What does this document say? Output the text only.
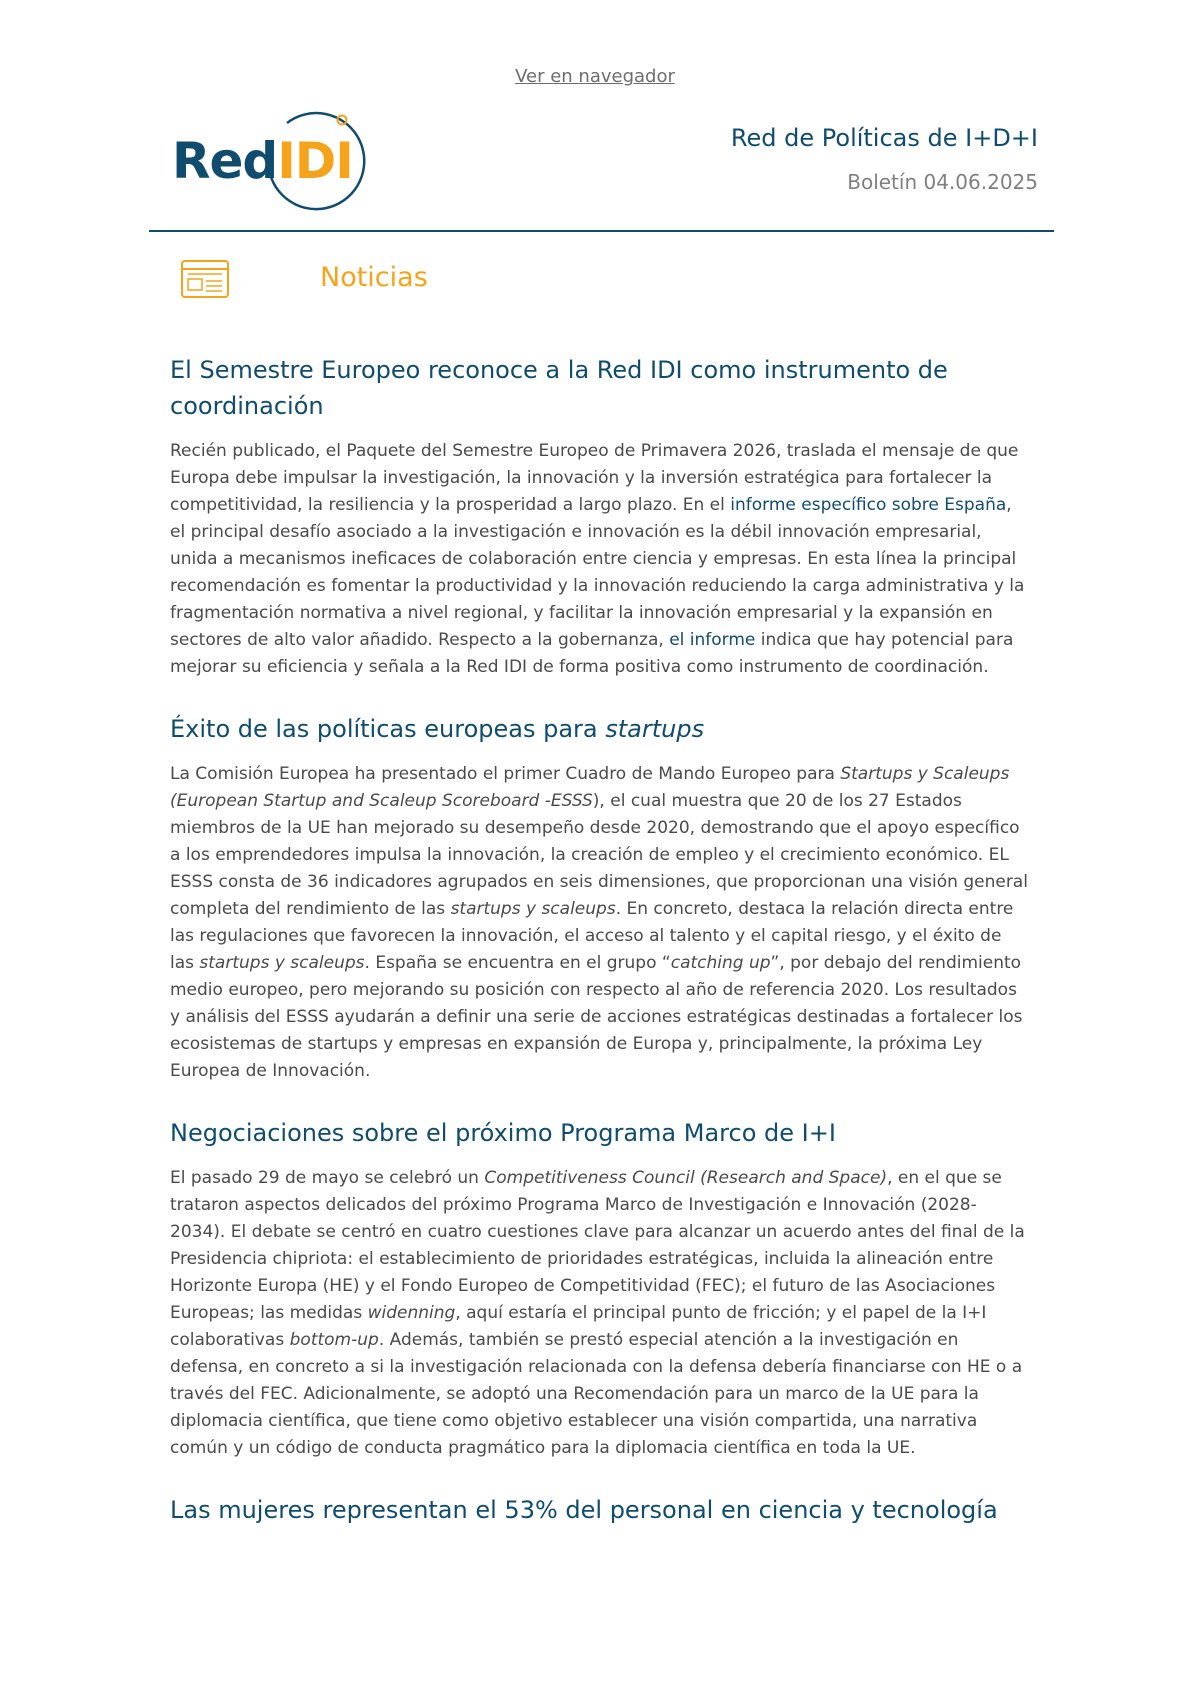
Ver en navegador
RedIDI	Red de Políticas de I+D+I
Boletín 04.06.2025
Noticias
El Semestre Europeo reconoce a la Red IDI como instrumento de coordinación

Recién publicado, el Paquete del Semestre Europeo de Primavera 2026, traslada el mensaje de que Europa debe impulsar la investigación, la innovación y la inversión estratégica para fortalecer la competitividad, la resiliencia y la prosperidad a largo plazo. En el informe específico sobre España, el principal desafío asociado a la investigación e innovación es la débil innovación empresarial, unida a mecanismos ineficaces de colaboración entre ciencia y empresas. En esta línea la principal recomendación es fomentar la productividad y la innovación reduciendo la carga administrativa y la fragmentación normativa a nivel regional, y facilitar la innovación empresarial y la expansión en sectores de alto valor añadido. Respecto a la gobernanza, el informe indica que hay potencial para mejorar su eficiencia y señala a la Red IDI de forma positiva como instrumento de coordinación.

Éxito de las políticas europeas para startups

La Comisión Europea ha presentado el primer Cuadro de Mando Europeo para Startups y Scaleups (European Startup and Scaleup Scoreboard -ESSS), el cual muestra que 20 de los 27 Estados miembros de la UE han mejorado su desempeño desde 2020, demostrando que el apoyo específico a los emprendedores impulsa la innovación, la creación de empleo y el crecimiento económico. EL ESSS consta de 36 indicadores agrupados en seis dimensiones, que proporcionan una visión general completa del rendimiento de las startups y scaleups. En concreto, destaca la relación directa entre las regulaciones que favorecen la innovación, el acceso al talento y el capital riesgo, y el éxito de las startups y scaleups. España se encuentra en el grupo “catching up”, por debajo del rendimiento medio europeo, pero mejorando su posición con respecto al año de referencia 2020. Los resultados y análisis del ESSS ayudarán a definir una serie de acciones estratégicas destinadas a fortalecer los ecosistemas de startups y empresas en expansión de Europa y, principalmente, la próxima Ley Europea de Innovación.

Negociaciones sobre el próximo Programa Marco de I+I

El pasado 29 de mayo se celebró un Competitiveness Council (Research and Space), en el que se trataron aspectos delicados del próximo Programa Marco de Investigación e Innovación (2028-2034). El debate se centró en cuatro cuestiones clave para alcanzar un acuerdo antes del final de la Presidencia chipriota: el establecimiento de prioridades estratégicas, incluida la alineación entre Horizonte Europa (HE) y el Fondo Europeo de Competitividad (FEC); el futuro de las Asociaciones Europeas; las medidas widenning, aquí estaría el principal punto de fricción; y el papel de la I+I colaborativas bottom-up. Además, también se prestó especial atención a la investigación en defensa, en concreto a si la investigación relacionada con la defensa debería financiarse con HE o a través del FEC. Adicionalmente, se adoptó una Recomendación para un marco de la UE para la diplomacia científica, que tiene como objetivo establecer una visión compartida, una narrativa común y un código de conducta pragmático para la diplomacia científica en toda la UE.

Las mujeres representan el 53% del personal en ciencia y tecnología
